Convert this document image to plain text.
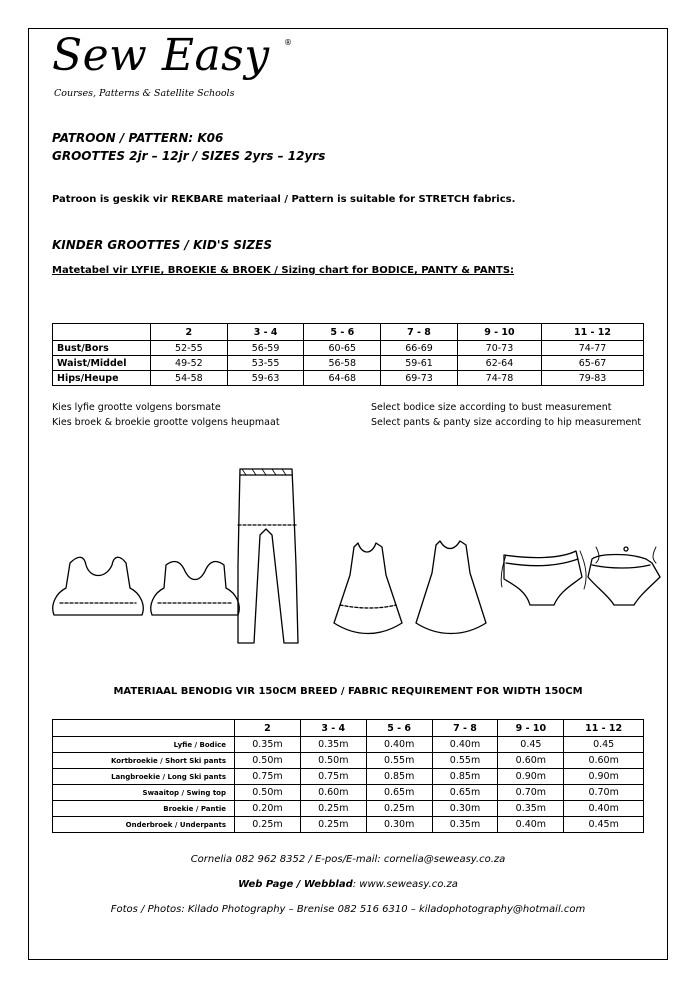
Sew Easy ®
Courses, Patterns & Satellite Schools
PATROON / PATTERN: K06
GROOTTES 2jr – 12jr / SIZES 2yrs – 12yrs
Patroon is geskik vir REKBARE materiaal / Pattern is suitable for STRETCH fabrics.
KINDER GROOTTES / KID'S SIZES
Matetabel vir LYFIE, BROEKIE & BROEK / Sizing chart for BODICE, PANTY & PANTS:
	2	3 - 4	5 - 6	7 - 8	9 - 10	11 - 12
Bust/Bors	52-55	56-59	60-65	66-69	70-73	74-77
Waist/Middel	49-52	53-55	56-58	59-61	62-64	65-67
Hips/Heupe	54-58	59-63	64-68	69-73	74-78	79-83
Kies lyfie grootte volgens borsmate
Kies broek & broekie grootte volgens heupmaat
Select bodice size according to bust measurement
Select pants & panty size according to hip measurement
MATERIAAL BENODIG VIR 150CM BREED / FABRIC REQUIREMENT FOR WIDTH 150CM
	2	3 - 4	5 - 6	7 - 8	9 - 10	11 - 12
Lyfie / Bodice	0.35m	0.35m	0.40m	0.40m	0.45	0.45
Kortbroekie / Short Ski pants	0.50m	0.50m	0.55m	0.55m	0.60m	0.60m
Langbroekie / Long Ski pants	0.75m	0.75m	0.85m	0.85m	0.90m	0.90m
Swaaitop / Swing top	0.50m	0.60m	0.65m	0.65m	0.70m	0.70m
Broekie / Pantie	0.20m	0.25m	0.25m	0.30m	0.35m	0.40m
Onderbroek / Underpants	0.25m	0.25m	0.30m	0.35m	0.40m	0.45m
Cornelia 082 962 8352 / E-pos/E-mail: cornelia@seweasy.co.za
Web Page / Webblad: www.seweasy.co.za
Fotos / Photos: Kilado Photography – Brenise 082 516 6310 – kiladophotography@hotmail.com
